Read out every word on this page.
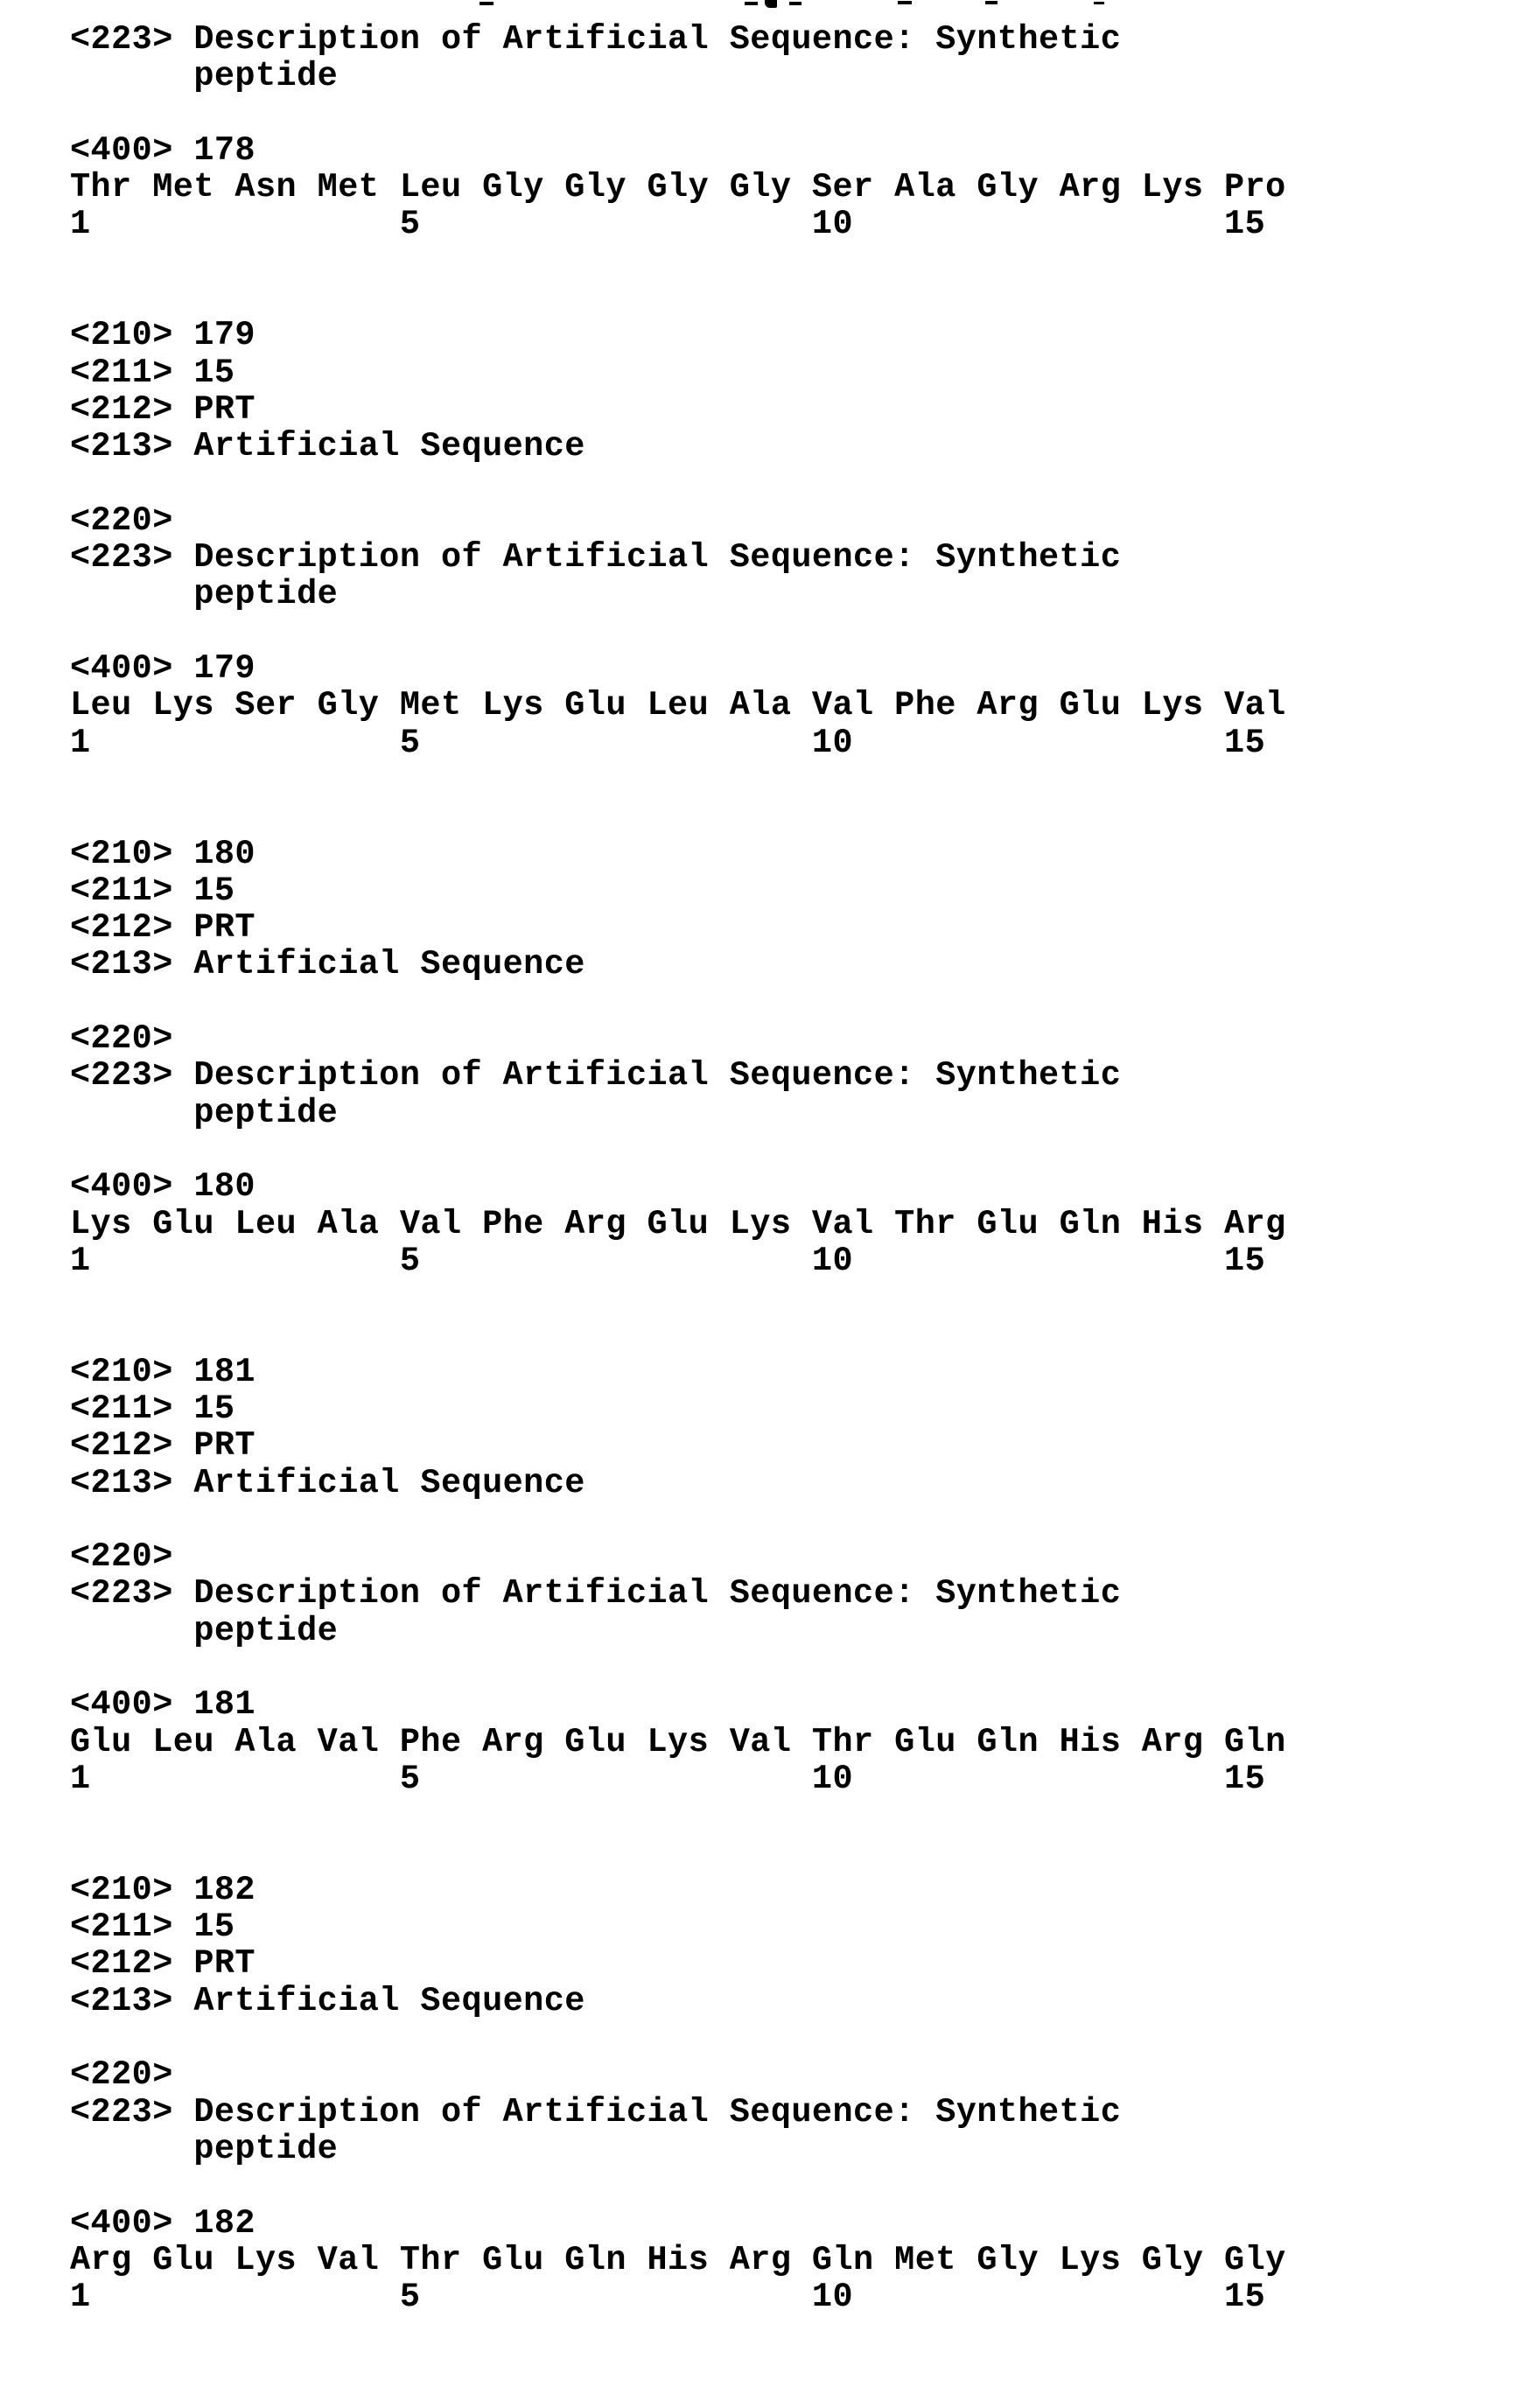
<223> Description of Artificial Sequence: Synthetic
peptide

<400> 178
Thr Met Asn Met Leu Gly Gly Gly Gly Ser Ala Gly Arg Lys Pro
1               5                   10                  15

<210> 179
<211> 15
<212> PRT
<213> Artificial Sequence

<220>
<223> Description of Artificial Sequence: Synthetic
peptide

<400> 179
Leu Lys Ser Gly Met Lys Glu Leu Ala Val Phe Arg Glu Lys Val
1               5                   10                  15

<210> 180
<211> 15
<212> PRT
<213> Artificial Sequence

<220>
<223> Description of Artificial Sequence: Synthetic
peptide

<400> 180
Lys Glu Leu Ala Val Phe Arg Glu Lys Val Thr Glu Gln His Arg
1               5                   10                  15

<210> 181
<211> 15
<212> PRT
<213> Artificial Sequence

<220>
<223> Description of Artificial Sequence: Synthetic
peptide

<400> 181
Glu Leu Ala Val Phe Arg Glu Lys Val Thr Glu Gln His Arg Gln
1               5                   10                  15

<210> 182
<211> 15
<212> PRT
<213> Artificial Sequence

<220>
<223> Description of Artificial Sequence: Synthetic
peptide

<400> 182
Arg Glu Lys Val Thr Glu Gln His Arg Gln Met Gly Lys Gly Gly
1               5                   10                  15
